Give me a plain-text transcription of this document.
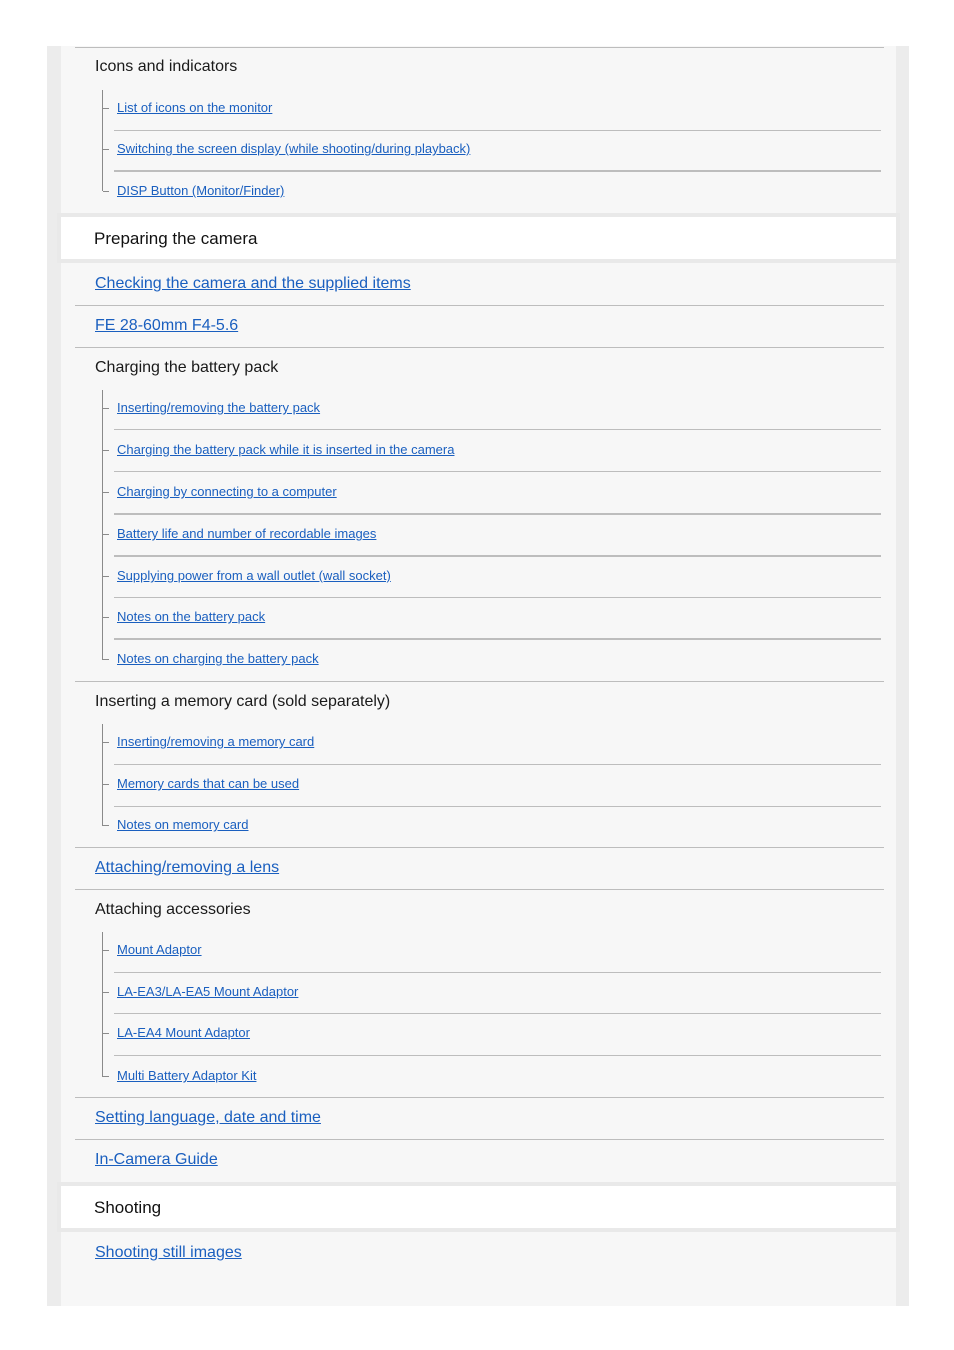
Icons and indicators
List of icons on the monitor
Switching the screen display (while shooting/during playback)
DISP Button (Monitor/Finder)
Preparing the camera
Checking the camera and the supplied items
FE 28-60mm F4-5.6
Charging the battery pack
Inserting/removing the battery pack
Charging the battery pack while it is inserted in the camera
Charging by connecting to a computer
Battery life and number of recordable images
Supplying power from a wall outlet (wall socket)
Notes on the battery pack
Notes on charging the battery pack
Inserting a memory card (sold separately)
Inserting/removing a memory card
Memory cards that can be used
Notes on memory card
Attaching/removing a lens
Attaching accessories
Mount Adaptor
LA-EA3/LA-EA5 Mount Adaptor
LA-EA4 Mount Adaptor
Multi Battery Adaptor Kit
Setting language, date and time
In-Camera Guide
Shooting
Shooting still images
